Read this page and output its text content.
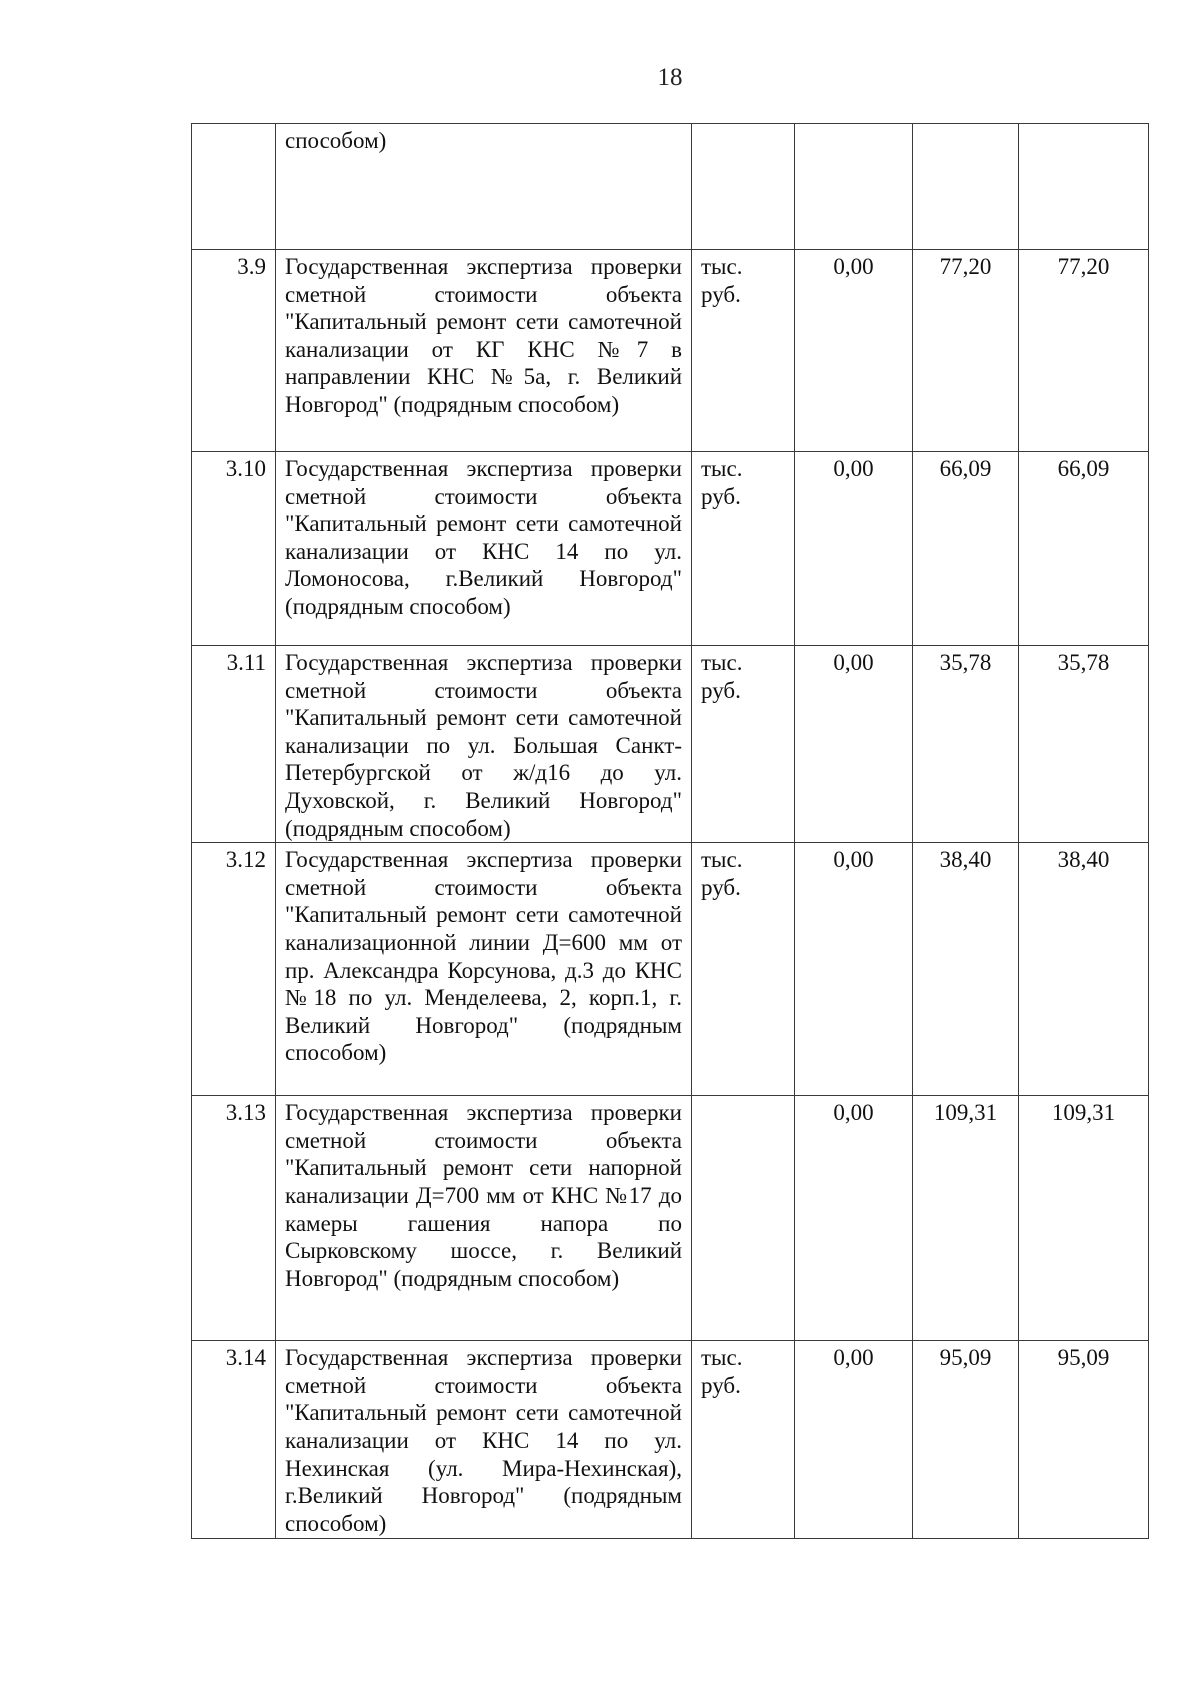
18
	способом)				
3.9	Государственная экспертиза проверки сметной стоимости объекта "Капитальный ремонт сети самотечной канализации от КГ КНС №7 в направлении КНС №5а, г. Великий Новгород" (подрядным способом)	тыс. руб.	0,00	77,20	77,20
3.10	Государственная экспертиза проверки сметной стоимости объекта "Капитальный ремонт сети самотечной канализации от КНС 14 по ул. Ломоносова, г.Великий Новгород" (подрядным способом)	тыс. руб.	0,00	66,09	66,09
3.11	Государственная экспертиза проверки сметной стоимости объекта "Капитальный ремонт сети самотечной канализации по ул. Большая Санкт-Петербургской от ж/д16 до ул. Духовской, г. Великий Новгород" (подрядным способом)	тыс. руб.	0,00	35,78	35,78
3.12	Государственная экспертиза проверки сметной стоимости объекта "Капитальный ремонт сети самотечной канализационной линии Д=600 мм от пр. Александра Корсунова, д.3 до КНС №18 по ул. Менделеева, 2, корп.1, г. Великий Новгород" (подрядным способом)	тыс. руб.	0,00	38,40	38,40
3.13	Государственная экспертиза проверки сметной стоимости объекта "Капитальный ремонт сети напорной канализации Д=700 мм от КНС №17 до камеры гашения напора по Сырковскому шоссе, г. Великий Новгород" (подрядным способом)		0,00	109,31	109,31
3.14	Государственная экспертиза проверки сметной стоимости объекта "Капитальный ремонт сети самотечной канализации от КНС 14 по ул. Нехинская (ул. Мира-Нехинская), г.Великий Новгород" (подрядным способом)	тыс. руб.	0,00	95,09	95,09
